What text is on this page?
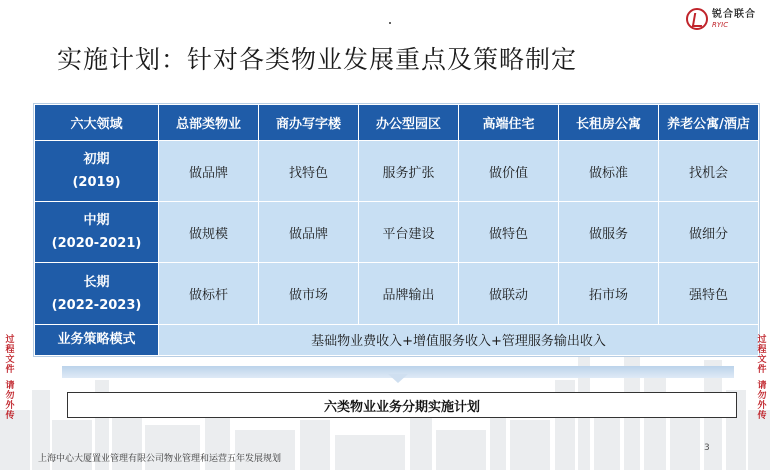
锐合联合
RYIC
实施计划：针对各类物业发展重点及策略制定
六大领域	总部类物业	商办写字楼	办公型园区	高端住宅	长租房公寓	养老公寓/酒店

初期
(2019)	做品牌	找特色	服务扩张	做价值	做标准	找机会

中期
(2020-2021)	做规模	做品牌	平台建设	做特色	做服务	做细分

长期
(2022-2023)	做标杆	做市场	品牌输出	做联动	拓市场	强特色
业务策略模式	基础物业费收入+增值服务收入+管理服务输出收入					
过程文件
请勿外传
过程文件
请勿外传
六类物业业务分期实施计划
上海中心大厦置业管理有限公司物业管理和运营五年发展规划
3
